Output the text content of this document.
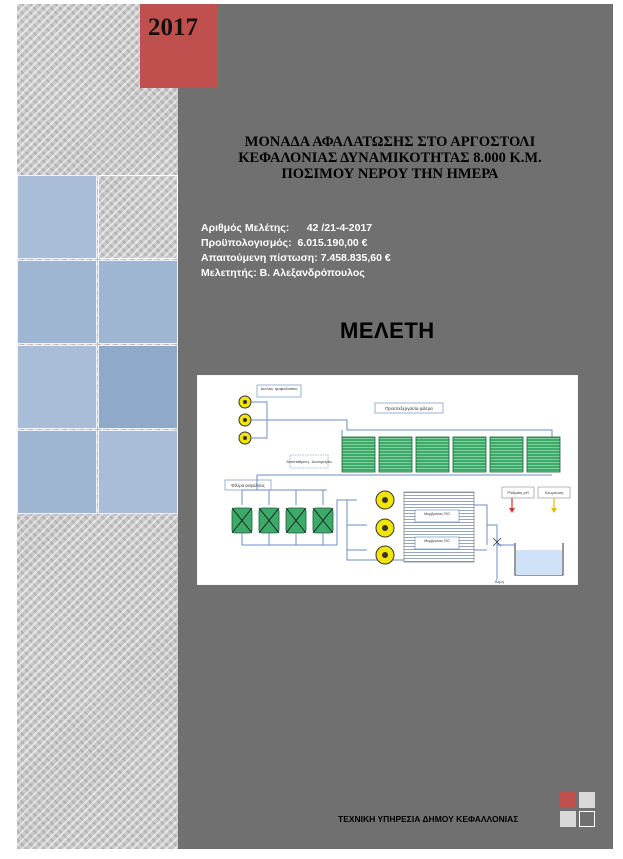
2017
ΜΟΝΑΔΑ ΑΦΑΛΑΤΩΣΗΣ ΣΤΟ ΑΡΓΟΣΤΟΛΙ
ΚΕΦΑΛΟΝΙΑΣ ΔΥΝΑΜΙΚΟΤΗΤΑΣ 8.000 Κ.Μ.
ΠΟΣΙΜΟΥ ΝΕΡΟΥ ΤΗΝ ΗΜΕΡΑ
Αριθμός Μελέτης:      42 /21-4-2017
Προϋπολογισμός:  6.015.190,00 €
Απαιτούμενη πίστωση: 7.458.835,60 €
Μελετητής: Β. Αλεξανδρόπουλος
ΜΕΛΕΤΗ
Αντλίες τροφοδοσίας
Προεπεξεργασία φίλτρα
Αντιστάθμιση - Δοσομετρία
Φίλτρα ασφαλείας
Μεμβράνες RO
Μεμβράνες RO
Ρύθμιση pH	Χλωρίωση
Άλμη
ΤΕΧΝΙΚΗ ΥΠΗΡΕΣΙΑ ΔΗΜΟΥ ΚΕΦΑΛΛΟΝΙΑΣ
